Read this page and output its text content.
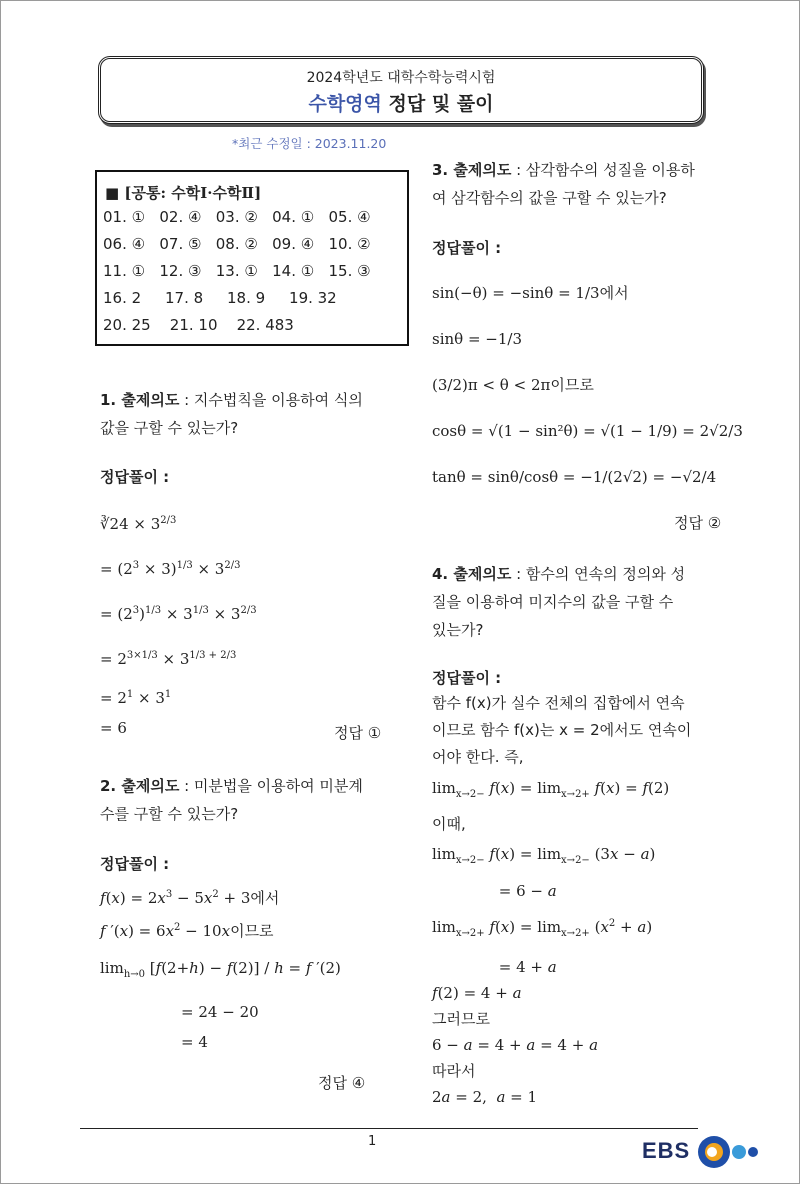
2024학년도 대학수학능력시험
수학영역 정답 및 풀이
*최근 수정일 : 2023.11.20
■ [공통: 수학Ⅰ·수학Ⅱ]
01. ①   02. ④   03. ②   04. ①   05. ④
06. ④   07. ⑤   08. ②   09. ④   10. ②
11. ①   12. ③   13. ①   14. ①   15. ③
16. 2     17. 8     18. 9     19. 32
20. 25    21. 10    22. 483

1. 출제의도 : 지수법칙을 이용하여 식의

값을 구할 수 있는가?

정답풀이 :

∛24 × $3^{2/3}$

= $(2^3 \times 3)^{1/3} \times 3^{2/3}$

= $(2^3)^{1/3} \times 3^{1/3} \times 3^{2/3}$

= $2^{3\times 1/3} \times 3^{1/3 + 2/3}$

= $2^1 \times 3^1$

= 6	정답 ①

2. 출제의도 : 미분법을 이용하여 미분계

수를 구할 수 있는가?

정답풀이 :

$f(x) = 2x^3 - 5x^2 + 3$에서

f $'(x) = 6x^2 - 10x$이므로

$\lim_{h\to 0} [f(2+h) - f(2)] / h = f$ ′(2)

= 24 − 20

= 4

정답 ④

3. 출제의도 : 삼각함수의 성질을 이용하

여 삼각함수의 값을 구할 수 있는가?

정답풀이 :

sin(−θ) = −sinθ = 1/3에서

sinθ = −1/3

(3/2)π < θ < 2π이므로

cosθ = √(1 − sin²θ) = √(1 − 1/9) = 2√2/3

tanθ = sinθ/cosθ = −1/(2√2) = −√2/4

정답 ②

4. 출제의도 : 함수의 연속의 정의와 성

질을 이용하여 미지수의 값을 구할 수

있는가?

정답풀이 :

함수 f(x)가 실수 전체의 집합에서 연속

이므로 함수 f(x)는 x = 2에서도 연속이

어야 한다. 즉,

$\lim_{x\to 2-} f(x) = \lim_{x\to 2+} f(x) = f(2)$

이때,

$\lim_{x\to 2-} f(x) = \lim_{x\to 2-} (3x - a)$

= 6 − a

$\lim_{x\to 2+} f(x) = \lim_{x\to 2+} (x^2 + a)$

= 4 + a

f(2) = 4 + a

그러므로

6 − a = 4 + a = 4 + a

따라서

2a = 2,  a = 1

1	EBS
